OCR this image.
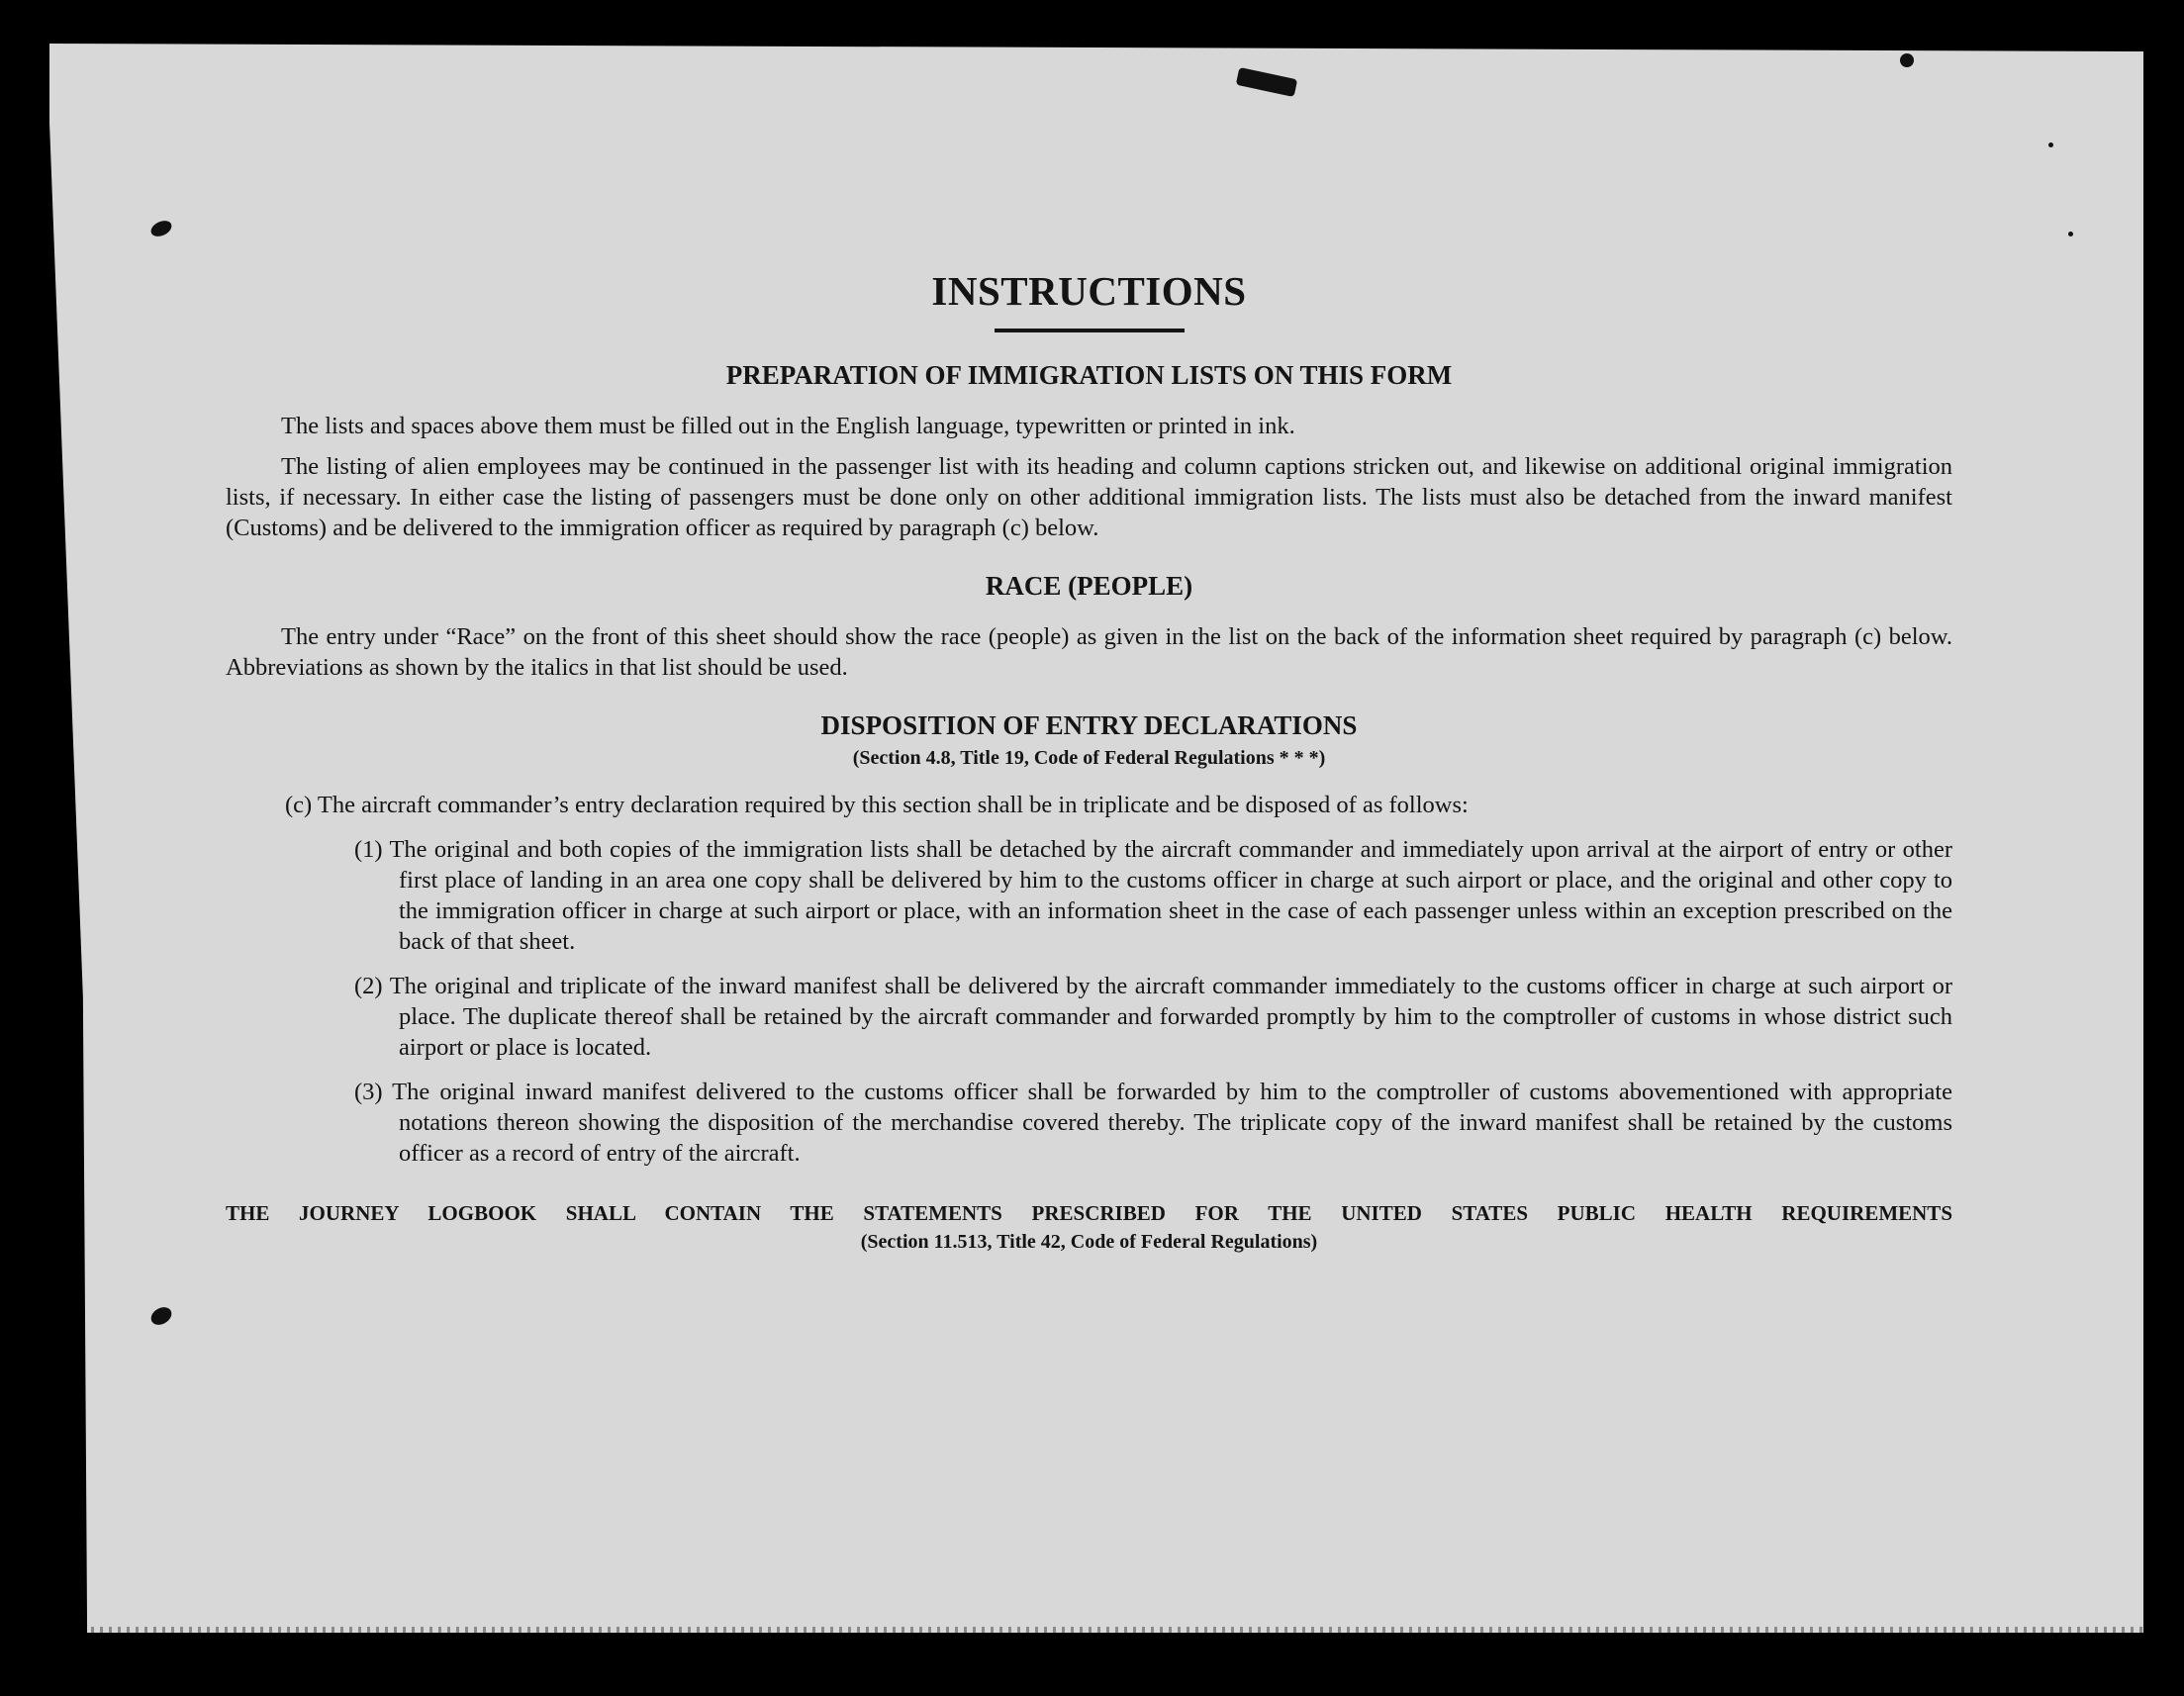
INSTRUCTIONS
PREPARATION OF IMMIGRATION LISTS ON THIS FORM

The lists and spaces above them must be filled out in the English language, typewritten or printed in ink.

The listing of alien employees may be continued in the passenger list with its heading and column captions stricken out, and likewise on additional original immigration lists, if necessary. In either case the listing of passengers must be done only on other additional immigration lists. The lists must also be detached from the inward manifest (Customs) and be delivered to the immigration officer as required by paragraph (c) below.

RACE (PEOPLE)

The entry under “Race” on the front of this sheet should show the race (people) as given in the list on the back of the information sheet required by paragraph (c) below. Abbreviations as shown by the italics in that list should be used.

DISPOSITION OF ENTRY DECLARATIONS
(Section 4.8, Title 19, Code of Federal Regulations * * *)

(c) The aircraft commander’s entry declaration required by this section shall be in triplicate and be disposed of as follows:

(1) The original and both copies of the immigration lists shall be detached by the aircraft commander and immediately upon arrival at the airport of entry or other first place of landing in an area one copy shall be delivered by him to the customs officer in charge at such airport or place, and the original and other copy to the immigration officer in charge at such airport or place, with an information sheet in the case of each passenger unless within an exception prescribed on the back of that sheet.

(2) The original and triplicate of the inward manifest shall be delivered by the aircraft commander immediately to the customs officer in charge at such airport or place. The duplicate thereof shall be retained by the aircraft commander and forwarded promptly by him to the comptroller of customs in whose district such airport or place is located.

(3) The original inward manifest delivered to the customs officer shall be forwarded by him to the comptroller of customs abovementioned with appropriate notations thereon showing the disposition of the merchandise covered thereby. The triplicate copy of the inward manifest shall be retained by the customs officer as a record of entry of the aircraft.

THE JOURNEY LOGBOOK SHALL CONTAIN THE STATEMENTS PRESCRIBED FOR THE UNITED STATES PUBLIC HEALTH REQUIREMENTS
(Section 11.513, Title 42, Code of Federal Regulations)
